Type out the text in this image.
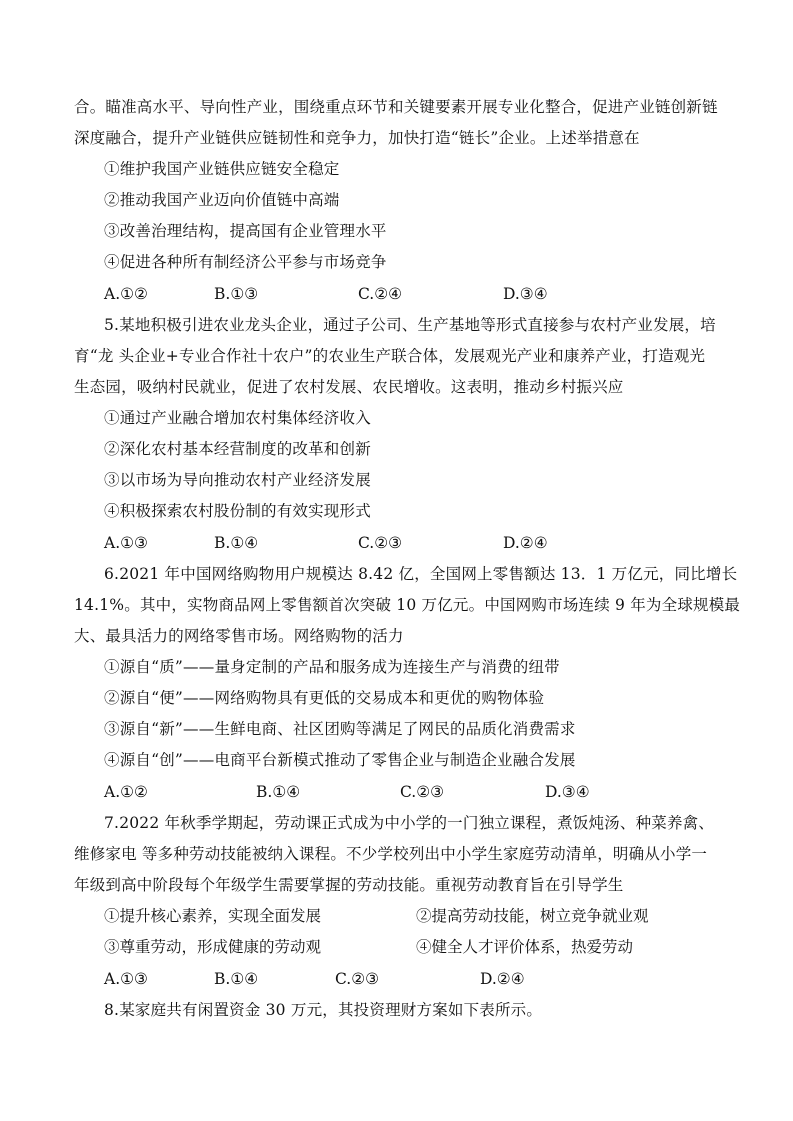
合。瞄准高水平、导向性产业，围绕重点环节和关键要素开展专业化整合，促进产业链创新链
深度融合，提升产业链供应链韧性和竞争力，加快打造“链长”企业。上述举措意在
①维护我国产业链供应链安全稳定
②推动我国产业迈向价值链中高端
③改善治理结构，提高国有企业管理水平
④促进各种所有制经济公平参与市场竞争
A.①②	B.①③	C.②④	D.③④
5.某地积极引进农业龙头企业，通过子公司、生产基地等形式直接参与农村产业发展，培
育“龙 头企业+专业合作社十农户”的农业生产联合体，发展观光产业和康养产业，打造观光
生态园，吸纳村民就业，促进了农村发展、农民增收。这表明，推动乡村振兴应
①通过产业融合增加农村集体经济收入
②深化农村基本经营制度的改革和创新
③以市场为导向推动农村产业经济发展
④积极探索农村股份制的有效实现形式
A.①③	B.①④	C.②③	D.②④
6.2021 年中国网络购物用户规模达 8.42 亿，全国网上零售额达 13．1 万亿元，同比增长
14.1%。其中，实物商品网上零售额首次突破 10 万亿元。中国网购市场连续 9 年为全球规模最
大、最具活力的网络零售市场。网络购物的活力
①源自“质”——量身定制的产品和服务成为连接生产与消费的纽带
②源自“便”——网络购物具有更低的交易成本和更优的购物体验
③源自“新”——生鲜电商、社区团购等满足了网民的品质化消费需求
④源自“创”——电商平台新模式推动了零售企业与制造企业融合发展
A.①②	B.①④	C.②③	D.③④
7.2022 年秋季学期起，劳动课正式成为中小学的一门独立课程，煮饭炖汤、种菜养禽、
维修家电 等多种劳动技能被纳入课程。不少学校列出中小学生家庭劳动清单，明确从小学一
年级到高中阶段每个年级学生需要掌握的劳动技能。重视劳动教育旨在引导学生
①提升核心素养，实现全面发展	②提高劳动技能，树立竞争就业观
③尊重劳动，形成健康的劳动观	④健全人才评价体系，热爱劳动
A.①③	B.①④	C.②③	D.②④
8.某家庭共有闲置资金 30 万元，其投资理财方案如下表所示。
